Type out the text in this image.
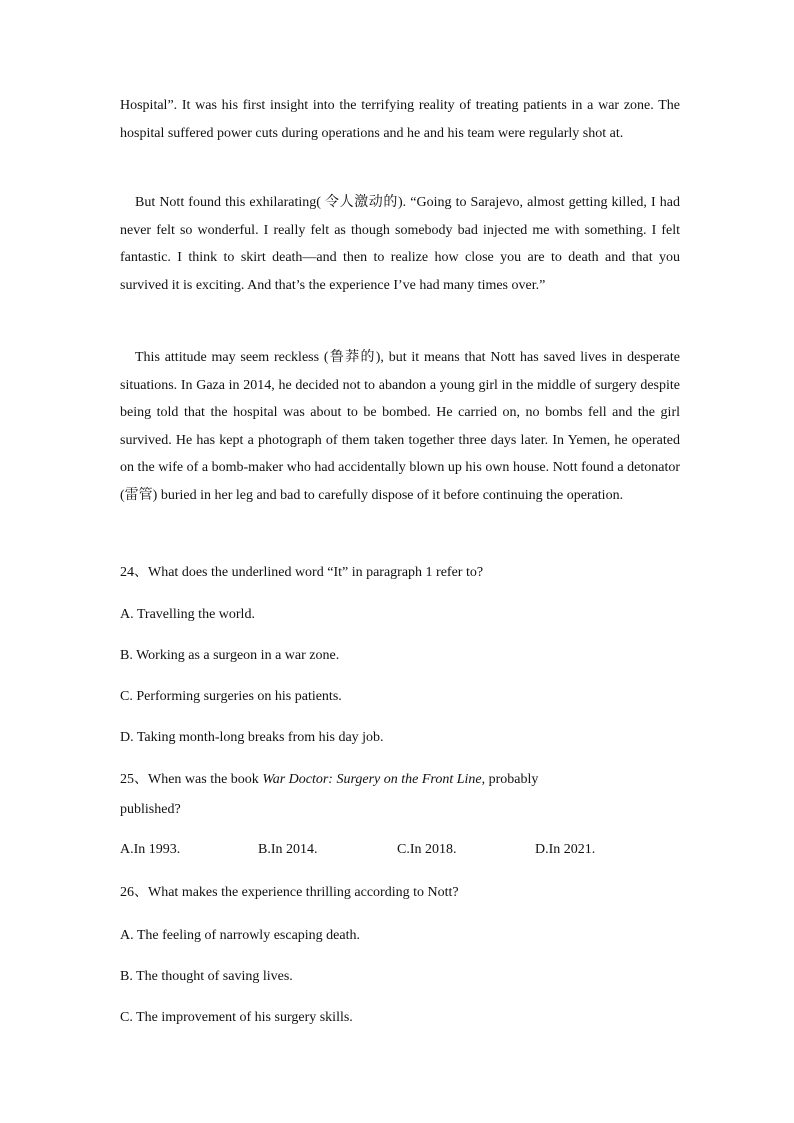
Hospital”. It was his first insight into the terrifying reality of treating patients in a war zone. The hospital suffered power cuts during operations and he and his team were regularly shot at.

But Nott found this exhilarating( 令人激动的). “Going to Sarajevo, almost getting killed, I had never felt so wonderful. I really felt as though somebody bad injected me with something. I felt fantastic. I think to skirt death—and then to realize how close you are to death and that you survived it is exciting. And that’s the experience I’ve had many times over.”

This attitude may seem reckless (鲁莽的), but it means that Nott has saved lives in desperate situations. In Gaza in 2014, he decided not to abandon a young girl in the middle of surgery despite being told that the hospital was about to be bombed. He carried on, no bombs fell and the girl survived. He has kept a photograph of them taken together three days later. In Yemen, he operated on the wife of a bomb-maker who had accidentally blown up his own house. Nott found a detonator (雷管) buried in her leg and bad to carefully dispose of it before continuing the operation.

24、What does the underlined word “It” in paragraph 1 refer to?
A. Travelling the world.
B. Working as a surgeon in a war zone.
C. Performing surgeries on his patients.
D. Taking month-long breaks from his day job.
25、When was the book War Doctor: Surgery on the Front Line, probably
published?
A.In 1993.	B.In 2014.	C.In 2018.	D.In 2021.
26、What makes the experience thrilling according to Nott?
A. The feeling of narrowly escaping death.
B. The thought of saving lives.
C. The improvement of his surgery skills.
